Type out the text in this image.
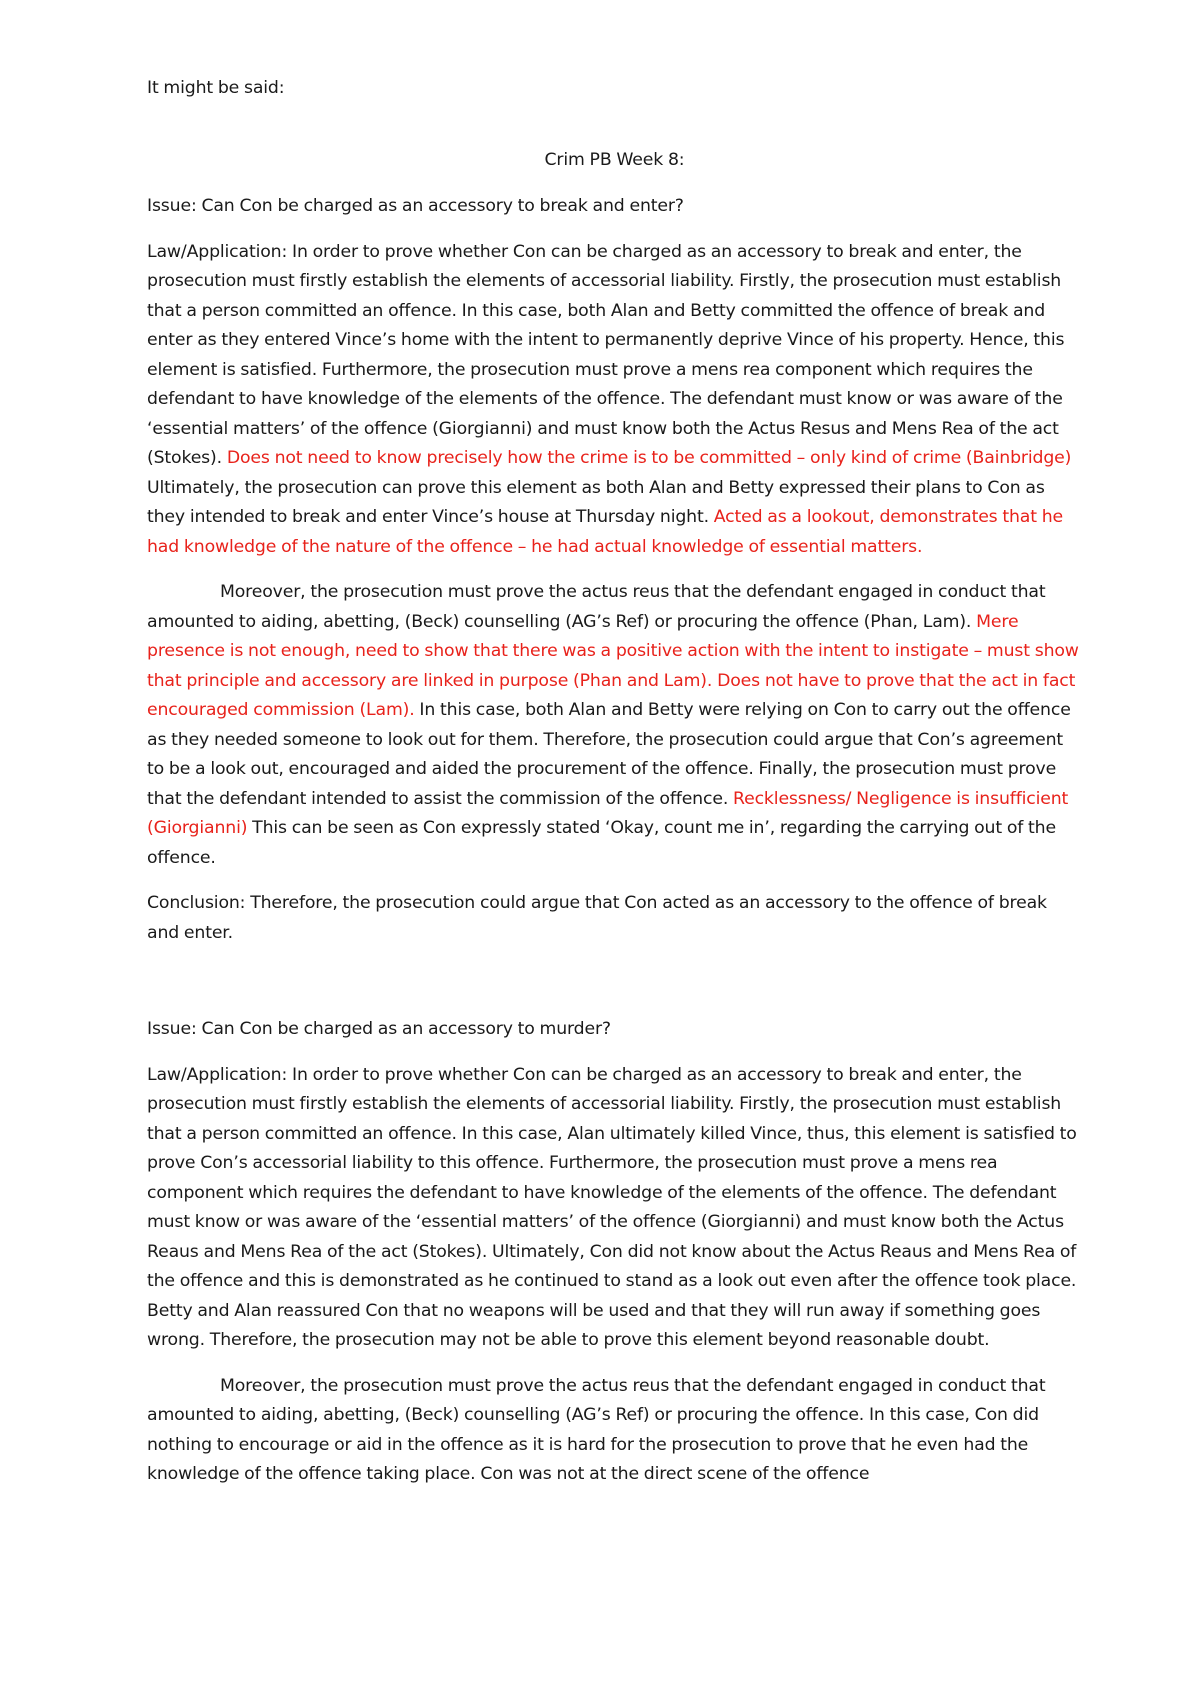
It might be said:

Crim PB Week 8:

Issue: Can Con be charged as an accessory to break and enter?

Law/Application: In order to prove whether Con can be charged as an accessory to break and enter, the prosecution must firstly establish the elements of accessorial liability. Firstly, the prosecution must establish that a person committed an offence. In this case, both Alan and Betty committed the offence of break and enter as they entered Vince’s home with the intent to permanently deprive Vince of his property. Hence, this element is satisfied. Furthermore, the prosecution must prove a mens rea component which requires the defendant to have knowledge of the elements of the offence. The defendant must know or was aware of the ‘essential matters’ of the offence (Giorgianni) and must know both the Actus Resus and Mens Rea of the act (Stokes). Does not need to know precisely how the crime is to be committed – only kind of crime (Bainbridge) Ultimately, the prosecution can prove this element as both Alan and Betty expressed their plans to Con as they intended to break and enter Vince’s house at Thursday night. Acted as a lookout, demonstrates that he had knowledge of the nature of the offence – he had actual knowledge of essential matters.

Moreover, the prosecution must prove the actus reus that the defendant engaged in conduct that amounted to aiding, abetting, (Beck) counselling (AG’s Ref) or procuring the offence (Phan, Lam). Mere presence is not enough, need to show that there was a positive action with the intent to instigate – must show that principle and accessory are linked in purpose (Phan and Lam). Does not have to prove that the act in fact encouraged commission (Lam). In this case, both Alan and Betty were relying on Con to carry out the offence as they needed someone to look out for them. Therefore, the prosecution could argue that Con’s agreement to be a look out, encouraged and aided the procurement of the offence. Finally, the prosecution must prove that the defendant intended to assist the commission of the offence. Recklessness/ Negligence is insufficient (Giorgianni) This can be seen as Con expressly stated ‘Okay, count me in’, regarding the carrying out of the offence.

Conclusion: Therefore, the prosecution could argue that Con acted as an accessory to the offence of break and enter.

Issue: Can Con be charged as an accessory to murder?

Law/Application: In order to prove whether Con can be charged as an accessory to break and enter, the prosecution must firstly establish the elements of accessorial liability. Firstly, the prosecution must establish that a person committed an offence. In this case, Alan ultimately killed Vince, thus, this element is satisfied to prove Con’s accessorial liability to this offence. Furthermore, the prosecution must prove a mens rea component which requires the defendant to have knowledge of the elements of the offence. The defendant must know or was aware of the ‘essential matters’ of the offence (Giorgianni) and must know both the Actus Reaus and Mens Rea of the act (Stokes). Ultimately, Con did not know about the Actus Reaus and Mens Rea of the offence and this is demonstrated as he continued to stand as a look out even after the offence took place. Betty and Alan reassured Con that no weapons will be used and that they will run away if something goes wrong. Therefore, the prosecution may not be able to prove this element beyond reasonable doubt.

Moreover, the prosecution must prove the actus reus that the defendant engaged in conduct that amounted to aiding, abetting, (Beck) counselling (AG’s Ref) or procuring the offence. In this case, Con did nothing to encourage or aid in the offence as it is hard for the prosecution to prove that he even had the knowledge of the offence taking place. Con was not at the direct scene of the offence
